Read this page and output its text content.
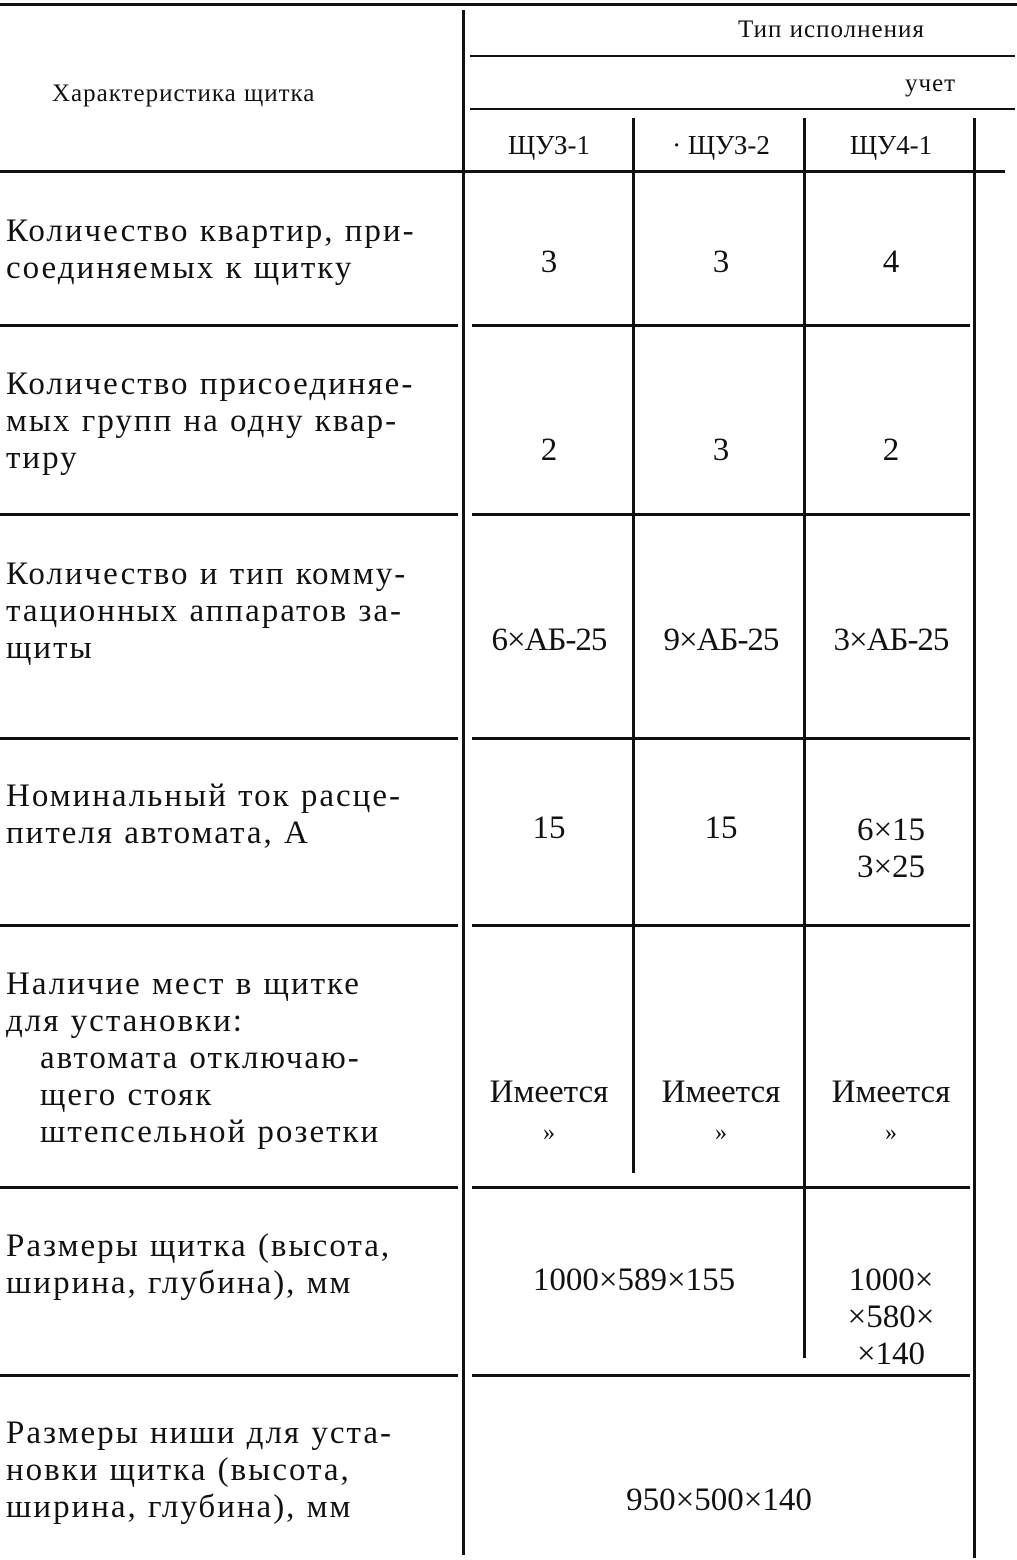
Характеристика щитка
Тип исполнения
учет
ЩУЗ-1	· ЩУЗ-2	ЩУ4-1
Количество квартир, при-
соединяемых к щитку	3	3	4
Количество присоединяе-
мых групп на одну квар-
тиру	2	3	2
Количество и тип комму-
тационных аппаратов за-
щиты	6×АБ-25	9×АБ-25	3×АБ-25
Номинальный ток расце-
пителя автомата, А	15	15	6×15
3×25
Наличие мест в щитке
для установки:
автомата отключаю-
щего стояк
штепсельной розетки
Имеется	Имеется	Имеется
»	»	»
Размеры щитка (высота,
ширина, глубина), мм	1000×589×155	1000×
×580×
×140
Размеры ниши для уста-
новки щитка (высота,
ширина, глубина), мм	950×500×140
